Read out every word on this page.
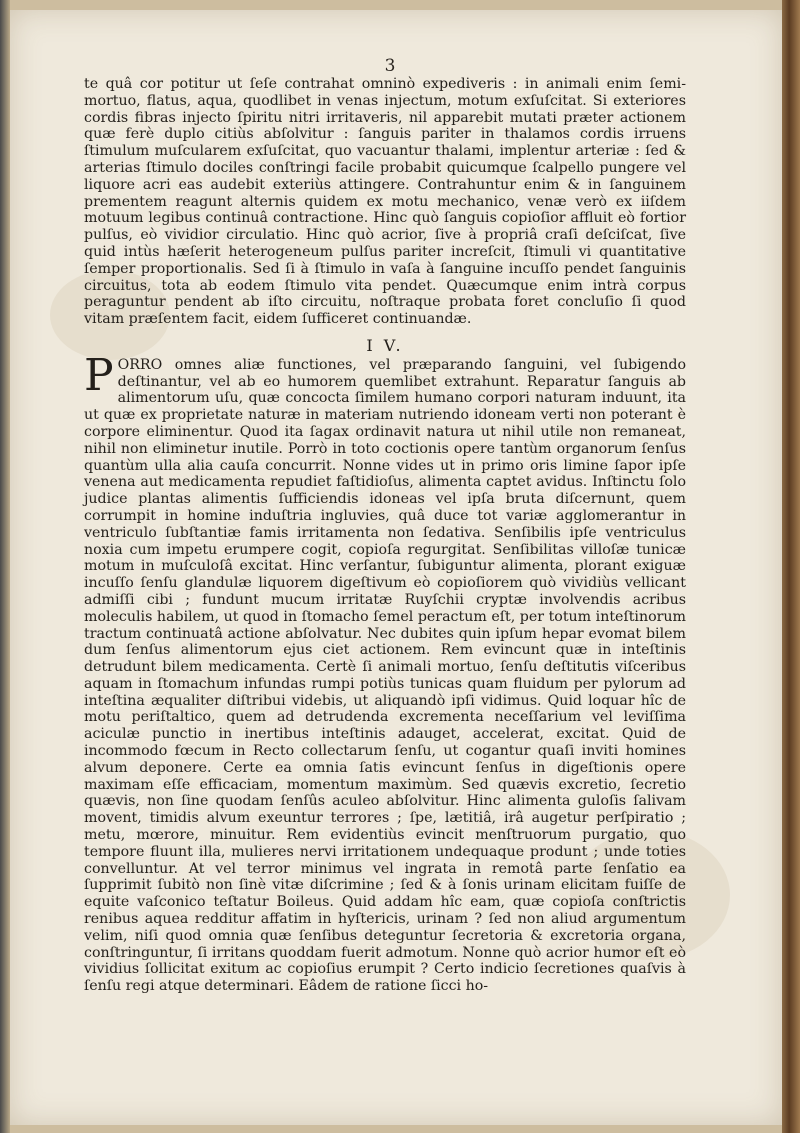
3

te quâ cor potitur ut ſeſe contrahat omninò expediveris : in animali enim ſemi-mortuo, flatus, aqua, quodlibet in venas injectum, motum exſuſcitat. Si exteriores cordis fibras injecto ſpiritu nitri irritaveris, nil apparebit mutati præter actionem quæ ferè duplo citiùs abſolvitur : ſanguis pariter in thalamos cordis irruens ſtimulum muſcularem exſuſcitat, quo vacuantur thalami, implentur arteriæ : ſed & arterias ſtimulo dociles conſtringi facile probabit quicumque ſcalpello pungere vel liquore acri eas audebit exteriùs attingere. Contrahuntur enim & in ſanguinem prementem reagunt alternis quidem ex motu mechanico, venæ verò ex iiſdem motuum legibus continuâ contractione. Hinc quò ſanguis copioſior affluit eò fortior pulſus, eò vividior circulatio. Hinc quò acrior, ſive à propriâ craſi deſciſcat, ſive quid intùs hæſerit heterogeneum pulſus pariter increſcit, ſtimuli vi quantitative ſemper proportionalis. Sed ſi à ſtimulo in vaſa à ſanguine incuſſo pendet ſanguinis circuitus, tota ab eodem ſtimulo vita pendet. Quæcumque enim intrà corpus peraguntur pendent ab iſto circuitu, noſtraque probata foret concluſio ſi quod vitam præſentem facit, eidem ſufficeret continuandæ.

I V.

PORRO omnes aliæ functiones, vel præparando ſanguini, vel ſubigendo deſtinantur, vel ab eo humorem quemlibet extrahunt. Reparatur ſanguis ab alimentorum uſu, quæ concocta ſimilem humano corpori naturam induunt, ita ut quæ ex proprietate naturæ in materiam nutriendo idoneam verti non poterant è corpore eliminentur. Quod ita ſagax ordinavit natura ut nihil utile non remaneat, nihil non eliminetur inutile. Porrò in toto coctionis opere tantùm organorum ſenſus quantùm ulla alia cauſa concurrit. Nonne vides ut in primo oris limine ſapor ipſe venena aut medicamenta repudiet faſtidioſus, alimenta captet avidus. Inſtinctu ſolo judice plantas alimentis ſufficiendis idoneas vel ipſa bruta diſcernunt, quem corrumpit in homine induſtria ingluvies, quâ duce tot variæ agglomerantur in ventriculo ſubſtantiæ famis irritamenta non ſedativa. Senſibilis ipſe ventriculus noxia cum impetu erumpere cogit, copioſa regurgitat. Senſibilitas villoſæ tunicæ motum in muſculoſâ excitat. Hinc verſantur, ſubiguntur alimenta, plorant exiguæ incuſſo ſenſu glandulæ liquorem digeſtivum eò copioſiorem quò vividiùs vellicant admiſſi cibi ; fundunt mucum irritatæ Ruyſchii cryptæ involvendis acribus moleculis habilem, ut quod in ſtomacho ſemel peractum eſt, per totum inteſtinorum tractum continuatâ actione abſolvatur. Nec dubites quin ipſum hepar evomat bilem dum ſenſus alimentorum ejus ciet actionem. Rem evincunt quæ in inteſtinis detrudunt bilem medicamenta. Certè ſi animali mortuo, ſenſu deſtitutis viſceribus aquam in ſtomachum infundas rumpi potiùs tunicas quam fluidum per pylorum ad inteſtina æqualiter diſtribui videbis, ut aliquandò ipſi vidimus. Quid loquar hîc de motu periſtaltico, quem ad detrudenda excrementa neceſſarium vel leviſſima aciculæ punctio in inertibus inteſtinis adauget, accelerat, excitat. Quid de incommodo fœcum in Recto collectarum ſenſu, ut cogantur quaſi inviti homines alvum deponere. Certe ea omnia ſatis evincunt ſenſus in digeſtionis opere maximam eſſe efficaciam, momentum maximùm. Sed quævis excretio, ſecretio quævis, non ſine quodam ſenſûs aculeo abſolvitur. Hinc alimenta guloſis ſalivam movent, timidis alvum exeuntur terrores ; ſpe, lætitiâ, irâ augetur perſpiratio ; metu, mœrore, minuitur. Rem evidentiùs evincit menſtruorum purgatio, quo tempore fluunt illa, mulieres nervi irritationem undequaque produnt ; unde toties convelluntur. At vel terror minimus vel ingrata in remotâ parte ſenſatio ea ſupprimit ſubitò non ſinè vitæ diſcrimine ; ſed & à ſonis urinam elicitam fuiſſe de equite vaſconico teſtatur Boileus. Quid addam hîc eam, quæ copioſa conſtrictis renibus aquea redditur affatim in hyſtericis, urinam ? ſed non aliud argumentum velim, niſi quod omnia quæ ſenſibus deteguntur ſecretoria & excretoria organa, conſtringuntur, ſi irritans quoddam fuerit admotum. Nonne quò acrior humor eſt eò vividius ſollicitat exitum ac copioſius erumpit ? Certo indicio ſecretiones quaſvis à ſenſu regi atque determinari. Eâdem de ratione ſicci ho-
